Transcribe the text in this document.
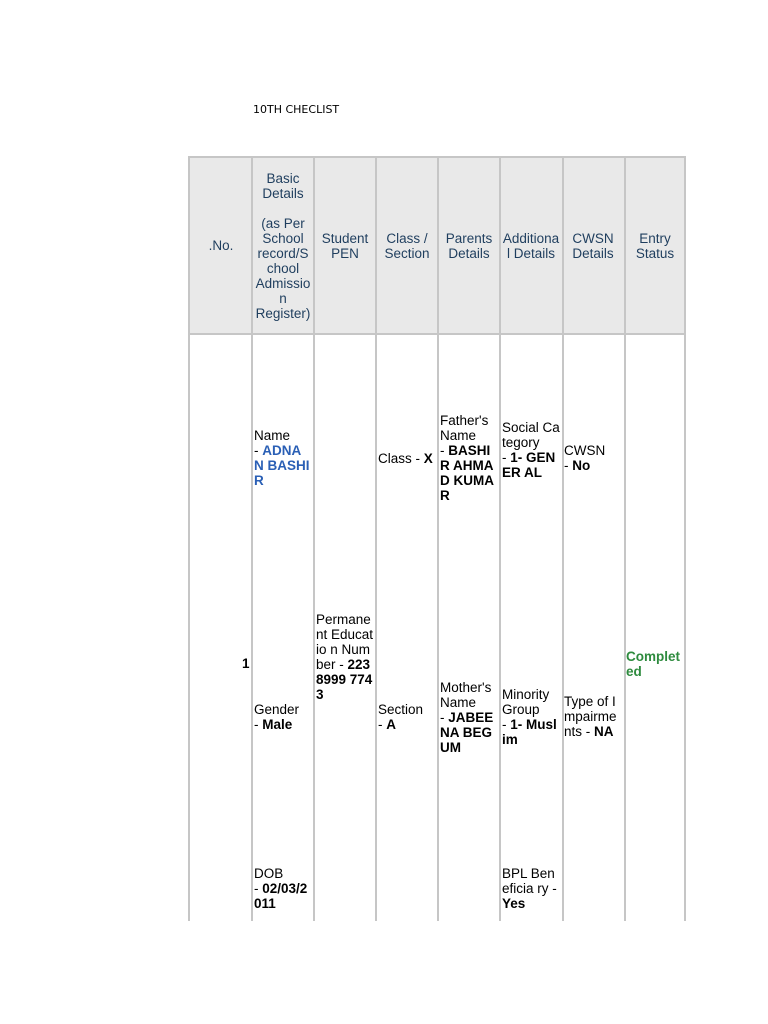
10TH CHECLIST
.No.
Basic
Details

(as Per
School
record/S
chool
Admissio
n
Register)
Student
PEN
Class /
Section
Parents
Details
Additiona
l Details
CWSN
Details
Entry
Status
1
Name
- ADNA N BASHIR
Gender
- Male
DOB
- 02/03/2 011
Permane nt Educatio n Number - 2238999 7743
Class - X
Section
- A
Father's Name
- BASHI R AHMAD KUMAR
Mother's Name
- JABEE NA BEGUM
Social Category
- 1- GENER AL
Minority Group
- 1- Muslim
BPL Beneficia ry - Yes
CWSN
- No
Type of Impairme nts - NA
Complet ed
